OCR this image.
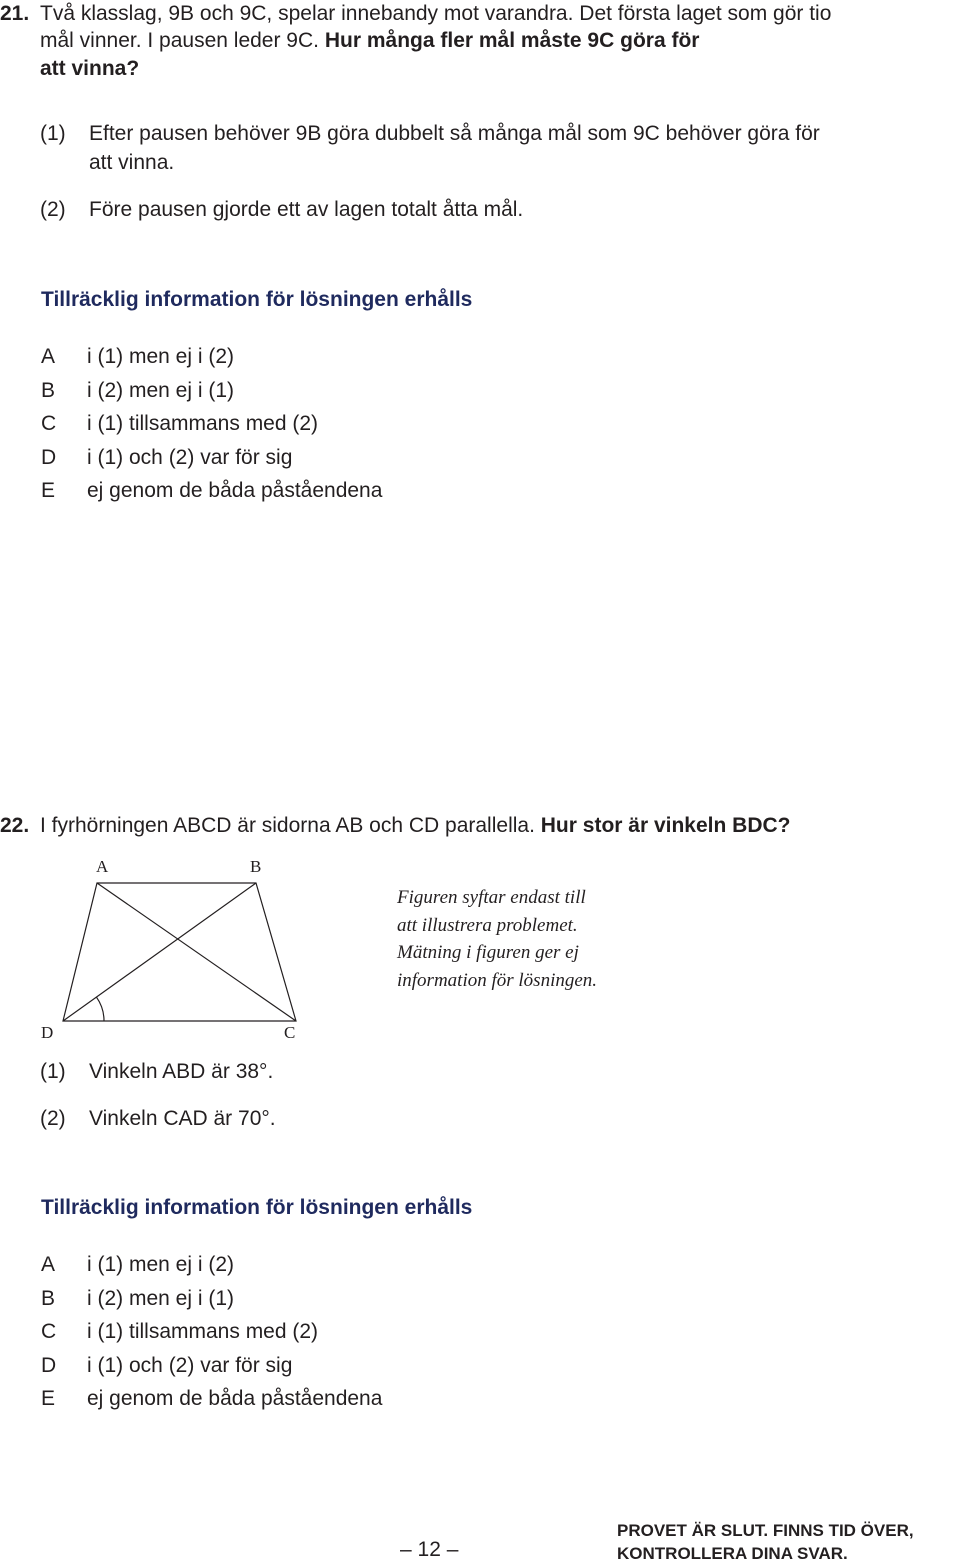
21. Två klasslag, 9B och 9C, spelar innebandy mot varandra. Det första laget som gör tio
mål vinner. I pausen leder 9C. Hur många fler mål måste 9C göra för
att vinna?
(1) Efter pausen behöver 9B göra dubbelt så många mål som 9C behöver göra för
att vinna.
(2) Före pausen gjorde ett av lagen totalt åtta mål.
Tillräcklig information för lösningen erhålls
A i (1) men ej i (2)
B i (2) men ej i (1)
C i (1) tillsammans med (2)
D i (1) och (2) var för sig
E ej genom de båda påståendena
22. I fyrhörningen ABCD är sidorna AB och CD parallella. Hur stor är vinkeln BDC?
A	B
C
D
Figuren syftar endast till
att illustrera problemet.
Mätning i figuren ger ej
information för lösningen.
(1) Vinkeln ABD är 38°.
(2) Vinkeln CAD är 70°.
Tillräcklig information för lösningen erhålls
A i (1) men ej i (2)
B i (2) men ej i (1)
C i (1) tillsammans med (2)
D i (1) och (2) var för sig
E ej genom de båda påståendena
– 12 –
PROVET ÄR SLUT. FINNS TID ÖVER,
KONTROLLERA DINA SVAR.
